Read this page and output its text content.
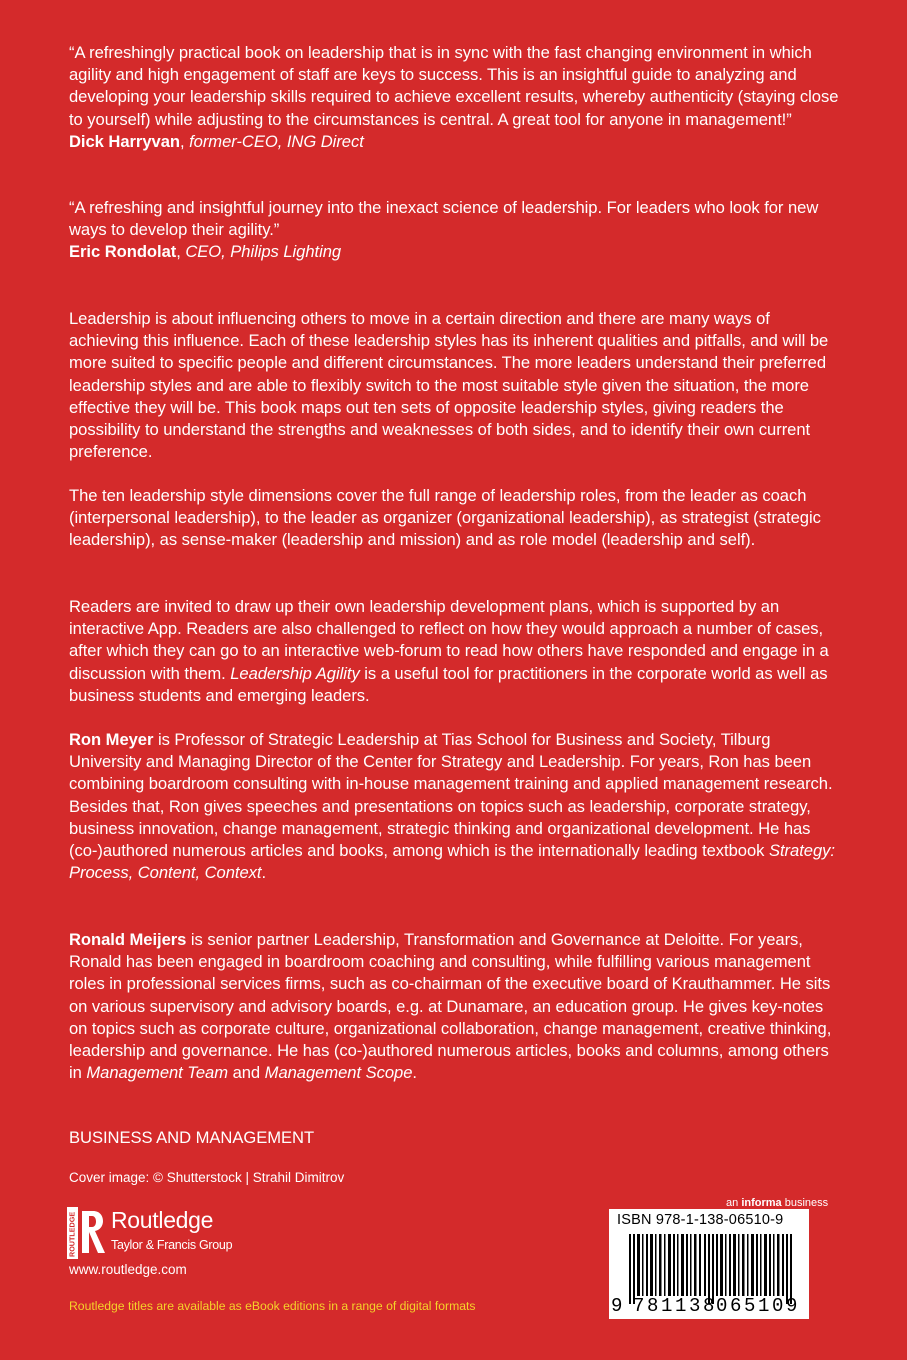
“A refreshingly practical book on leadership that is in sync with the fast changing environment in which agility and high engagement of staff are keys to success. This is an insightful guide to analyzing and developing your leadership skills required to achieve excellent results, whereby authenticity (staying close to yourself) while adjusting to the circumstances is central. A great tool for anyone in management!”

Dick Harryvan, former-CEO, ING Direct

“A refreshing and insightful journey into the inexact science of leadership. For leaders who look for new ways to develop their agility.”

Eric Rondolat, CEO, Philips Lighting

Leadership is about influencing others to move in a certain direction and there are many ways of achieving this influence. Each of these leadership styles has its inherent qualities and pitfalls, and will be more suited to specific people and different circumstances. The more leaders understand their preferred leadership styles and are able to flexibly switch to the most suitable style given the situation, the more effective they will be. This book maps out ten sets of opposite leadership styles, giving readers the possibility to understand the strengths and weaknesses of both sides, and to identify their own current preference.

The ten leadership style dimensions cover the full range of leadership roles, from the leader as coach (interpersonal leadership), to the leader as organizer (organizational leadership), as strategist (strategic leadership), as sense-maker (leadership and mission) and as role model (leadership and self).

Readers are invited to draw up their own leadership development plans, which is supported by an interactive App. Readers are also challenged to reflect on how they would approach a number of cases, after which they can go to an interactive web-forum to read how others have responded and engage in a discussion with them. Leadership Agility is a useful tool for practitioners in the corporate world as well as business students and emerging leaders.

Ron Meyer is Professor of Strategic Leadership at Tias School for Business and Society, Tilburg University and Managing Director of the Center for Strategy and Leadership. For years, Ron has been combining boardroom consulting with in-house management training and applied management research. Besides that, Ron gives speeches and presentations on topics such as leadership, corporate strategy, business innovation, change management, strategic thinking and organizational development. He has (co-)authored numerous articles and books, among which is the internationally leading textbook Strategy: Process, Content, Context.

Ronald Meijers is senior partner Leadership, Transformation and Governance at Deloitte. For years, Ronald has been engaged in boardroom coaching and consulting, while fulfilling various management roles in professional services firms, such as co-chairman of the executive board of Krauthammer. He sits on various supervisory and advisory boards, e.g. at Dunamare, an education group. He gives key-notes on topics such as corporate culture, organizational collaboration, change management, creative thinking, leadership and governance. He has (co-)authored numerous articles, books and columns, among others in Management Team and Management Scope.

BUSINESS AND MANAGEMENT
Cover image: © Shutterstock | Strahil Dimitrov
ROUTLEDGE Routledge
Taylor & Francis Group
www.routledge.com
Routledge titles are available as eBook editions in a range of digital formats
an informa business
ISBN 978-1-138-06510-9
9 781138
065109
